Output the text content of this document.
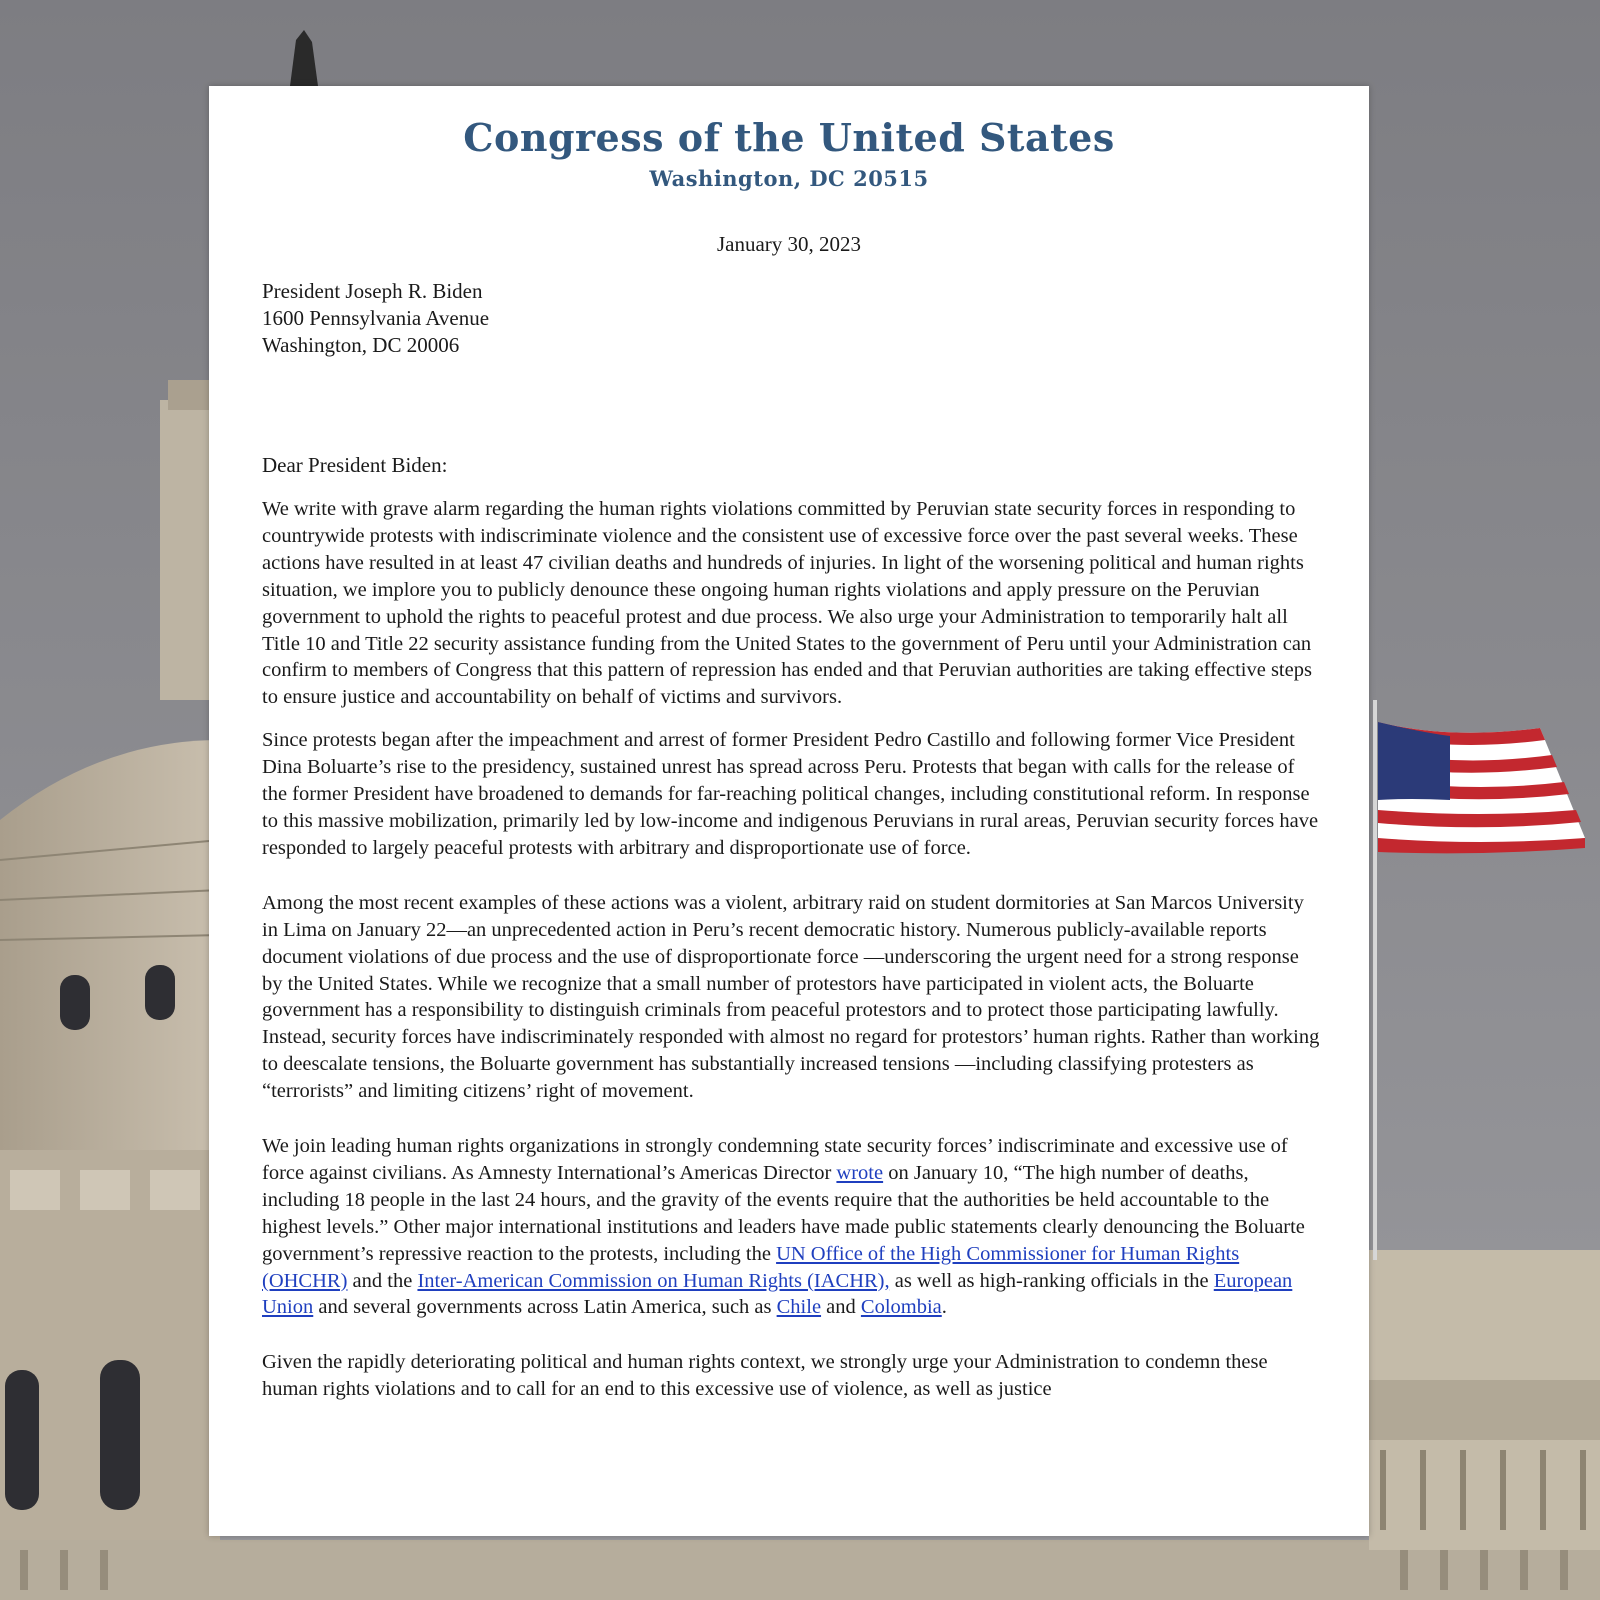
Congress of the United States
Washington, DC 20515
January 30, 2023
President Joseph R. Biden
1600 Pennsylvania Avenue
Washington, DC 20006
Dear President Biden:

We write with grave alarm regarding the human rights violations committed by Peruvian state security forces in responding to countrywide protests with indiscriminate violence and the consistent use of excessive force over the past several weeks. These actions have resulted in at least 47 civilian deaths and hundreds of injuries. In light of the worsening political and human rights situation, we implore you to publicly denounce these ongoing human rights violations and apply pressure on the Peruvian government to uphold the rights to peaceful protest and due process. We also urge your Administration to temporarily halt all Title 10 and Title 22 security assistance funding from the United States to the government of Peru until your Administration can confirm to members of Congress that this pattern of repression has ended and that Peruvian authorities are taking effective steps to ensure justice and accountability on behalf of victims and survivors.

Since protests began after the impeachment and arrest of former President Pedro Castillo and following former Vice President Dina Boluarte’s rise to the presidency, sustained unrest has spread across Peru. Protests that began with calls for the release of the former President have broadened to demands for far-reaching political changes, including constitutional reform. In response to this massive mobilization, primarily led by low-income and indigenous Peruvians in rural areas, Peruvian security forces have responded to largely peaceful protests with arbitrary and disproportionate use of force.

Among the most recent examples of these actions was a violent, arbitrary raid on student dormitories at San Marcos University in Lima on January 22—an unprecedented action in Peru’s recent democratic history. Numerous publicly-available reports document violations of due process and the use of disproportionate force —underscoring the urgent need for a strong response by the United States. While we recognize that a small number of protestors have participated in violent acts, the Boluarte government has a responsibility to distinguish criminals from peaceful protestors and to protect those participating lawfully. Instead, security forces have indiscriminately responded with almost no regard for protestors’ human rights. Rather than working to deescalate tensions, the Boluarte government has substantially increased tensions —including classifying protesters as “terrorists” and limiting citizens’ right of movement.

We join leading human rights organizations in strongly condemning state security forces’ indiscriminate and excessive use of force against civilians. As Amnesty International’s Americas Director wrote on January 10, “The high number of deaths, including 18 people in the last 24 hours, and the gravity of the events require that the authorities be held accountable to the highest levels.” Other major international institutions and leaders have made public statements clearly denouncing the Boluarte government’s repressive reaction to the protests, including the UN Office of the High Commissioner for Human Rights (OHCHR) and the Inter-American Commission on Human Rights (IACHR), as well as high-ranking officials in the European Union and several governments across Latin America, such as Chile and Colombia.

Given the rapidly deteriorating political and human rights context, we strongly urge your Administration to condemn these human rights violations and to call for an end to this excessive use of violence, as well as justice
